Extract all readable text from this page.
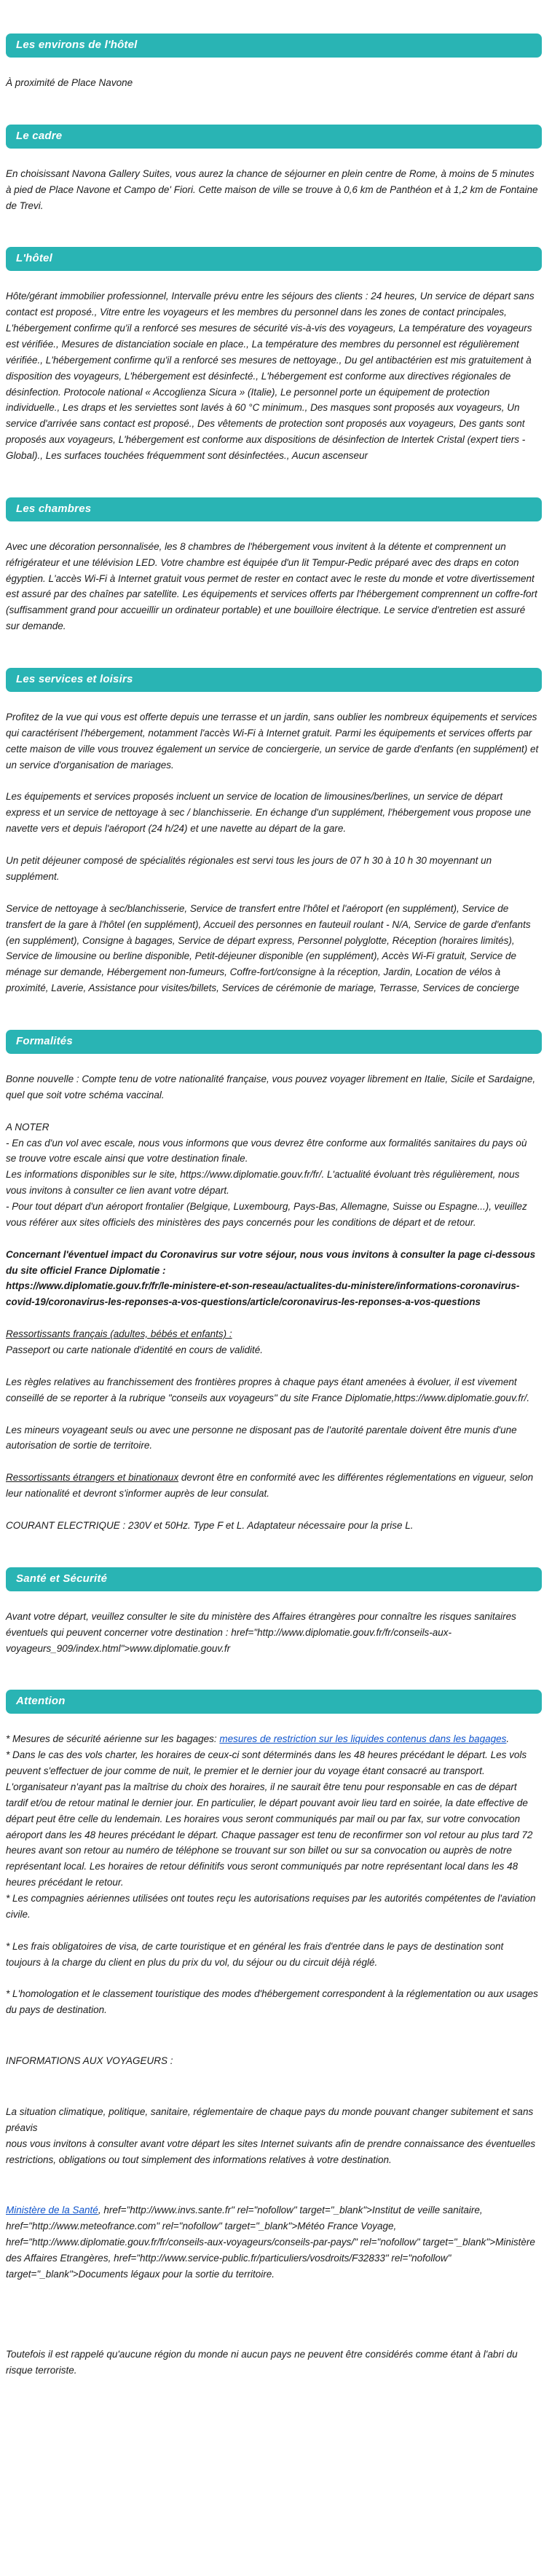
Les environs de l'hôtel

À proximité de Place Navone

Le cadre

En choisissant Navona Gallery Suites, vous aurez la chance de séjourner en plein centre de Rome, à moins de 5 minutes à pied de Place Navone et Campo de' Fiori. Cette maison de ville se trouve à 0,6 km de Panthéon et à 1,2 km de Fontaine de Trevi.

L'hôtel

Hôte/gérant immobilier professionnel, Intervalle prévu entre les séjours des clients : 24 heures, Un service de départ sans contact est proposé., Vitre entre les voyageurs et les membres du personnel dans les zones de contact principales, L'hébergement confirme qu'il a renforcé ses mesures de sécurité vis-à-vis des voyageurs, La température des voyageurs est vérifiée., Mesures de distanciation sociale en place., La température des membres du personnel est régulièrement vérifiée., L'hébergement confirme qu'il a renforcé ses mesures de nettoyage., Du gel antibactérien est mis gratuitement à disposition des voyageurs, L'hébergement est désinfecté., L'hébergement est conforme aux directives régionales de désinfection. Protocole national « Accoglienza Sicura » (Italie), Le personnel porte un équipement de protection individuelle., Les draps et les serviettes sont lavés à 60 °C minimum., Des masques sont proposés aux voyageurs, Un service d'arrivée sans contact est proposé., Des vêtements de protection sont proposés aux voyageurs, Des gants sont proposés aux voyageurs, L'hébergement est conforme aux dispositions de désinfection de Intertek Cristal (expert tiers - Global)., Les surfaces touchées fréquemment sont désinfectées., Aucun ascenseur

Les chambres

Avec une décoration personnalisée, les 8 chambres de l'hébergement vous invitent à la détente et comprennent un réfrigérateur et une télévision LED. Votre chambre est équipée d'un lit Tempur-Pedic préparé avec des draps en coton égyptien. L'accès Wi-Fi à Internet gratuit vous permet de rester en contact avec le reste du monde et votre divertissement est assuré par des chaînes par satellite. Les équipements et services offerts par l'hébergement comprennent un coffre-fort (suffisamment grand pour accueillir un ordinateur portable) et une bouilloire électrique. Le service d'entretien est assuré sur demande.

Les services et loisirs

Profitez de la vue qui vous est offerte depuis une terrasse et un jardin, sans oublier les nombreux équipements et services qui caractérisent l'hébergement, notamment l'accès Wi-Fi à Internet gratuit. Parmi les équipements et services offerts par cette maison de ville vous trouvez également un service de conciergerie, un service de garde d'enfants (en supplément) et un service d'organisation de mariages.

Les équipements et services proposés incluent un service de location de limousines/berlines, un service de départ express et un service de nettoyage à sec / blanchisserie. En échange d'un supplément, l'hébergement vous propose une navette vers et depuis l'aéroport (24 h/24) et une navette au départ de la gare.

Un petit déjeuner composé de spécialités régionales est servi tous les jours de 07 h 30 à 10 h 30 moyennant un supplément.

Service de nettoyage à sec/blanchisserie, Service de transfert entre l'hôtel et l'aéroport (en supplément), Service de transfert de la gare à l'hôtel (en supplément), Accueil des personnes en fauteuil roulant - N/A, Service de garde d'enfants (en supplément), Consigne à bagages, Service de départ express, Personnel polyglotte, Réception (horaires limités), Service de limousine ou berline disponible, Petit-déjeuner disponible (en supplément), Accès Wi-Fi gratuit, Service de ménage sur demande, Hébergement non-fumeurs, Coffre-fort/consigne à la réception, Jardin, Location de vélos à proximité, Laverie, Assistance pour visites/billets, Services de cérémonie de mariage, Terrasse, Services de concierge

Formalités

Bonne nouvelle : Compte tenu de votre nationalité française, vous pouvez voyager librement en Italie, Sicile et Sardaigne, quel que soit votre schéma vaccinal.

A NOTER

- En cas d'un vol avec escale, nous vous informons que vous devrez être conforme aux formalités sanitaires du pays où se trouve votre escale ainsi que votre destination finale.

Les informations disponibles sur le site, https://www.diplomatie.gouv.fr/fr/. L'actualité évoluant très régulièrement, nous vous invitons à consulter ce lien avant votre départ.

- Pour tout départ d'un aéroport frontalier (Belgique, Luxembourg, Pays-Bas, Allemagne, Suisse ou Espagne...), veuillez vous référer aux sites officiels des ministères des pays concernés pour les conditions de départ et de retour.

Concernant l'éventuel impact du Coronavirus sur votre séjour, nous vous invitons à consulter la page ci-dessous du site officiel France Diplomatie :

https://www.diplomatie.gouv.fr/fr/le-ministere-et-son-reseau/actualites-du-ministere/informations-coronavirus-covid-19/coronavirus-les-reponses-a-vos-questions/article/coronavirus-les-reponses-a-vos-questions

Ressortissants français (adultes, bébés et enfants) :

Passeport ou carte nationale d'identité en cours de validité.

Les règles relatives au franchissement des frontières propres à chaque pays étant amenées à évoluer, il est vivement conseillé de se reporter à la rubrique "conseils aux voyageurs" du site France Diplomatie,https://www.diplomatie.gouv.fr/.

Les mineurs voyageant seuls ou avec une personne ne disposant pas de l'autorité parentale doivent être munis d'une autorisation de sortie de territoire.

Ressortissants étrangers et binationaux devront être en conformité avec les différentes réglementations en vigueur, selon leur nationalité et devront s'informer auprès de leur consulat.

COURANT ELECTRIQUE : 230V et 50Hz. Type F et L. Adaptateur nécessaire pour la prise L.

Santé et Sécurité

Avant votre départ, veuillez consulter le site du ministère des Affaires étrangères pour connaître les risques sanitaires éventuels qui peuvent concerner votre destination : href="http://www.diplomatie.gouv.fr/fr/conseils-aux-voyageurs_909/index.html">www.diplomatie.gouv.fr

Attention

* Mesures de sécurité aérienne sur les bagages: mesures de restriction sur les liquides contenus dans les bagages.

* Dans le cas des vols charter, les horaires de ceux-ci sont déterminés dans les 48 heures précédant le départ. Les vols peuvent s'effectuer de jour comme de nuit, le premier et le dernier jour du voyage étant consacré au transport. L'organisateur n'ayant pas la maîtrise du choix des horaires, il ne saurait être tenu pour responsable en cas de départ tardif et/ou de retour matinal le dernier jour. En particulier, le départ pouvant avoir lieu tard en soirée, la date effective de départ peut être celle du lendemain. Les horaires vous seront communiqués par mail ou par fax, sur votre convocation aéroport dans les 48 heures précédant le départ. Chaque passager est tenu de reconfirmer son vol retour au plus tard 72 heures avant son retour au numéro de téléphone se trouvant sur son billet ou sur sa convocation ou auprès de notre représentant local. Les horaires de retour définitifs vous seront communiqués par notre représentant local dans les 48 heures précédant le retour.

* Les compagnies aériennes utilisées ont toutes reçu les autorisations requises par les autorités compétentes de l'aviation civile.

* Les frais obligatoires de visa, de carte touristique et en général les frais d'entrée dans le pays de destination sont toujours à la charge du client en plus du prix du vol, du séjour ou du circuit déjà réglé.

* L'homologation et le classement touristique des modes d'hébergement correspondent à la réglementation ou aux usages du pays de destination.

INFORMATIONS AUX VOYAGEURS :

La situation climatique, politique, sanitaire, réglementaire de chaque pays du monde pouvant changer subitement et sans préavis

nous vous invitons à consulter avant votre départ les sites Internet suivants afin de prendre connaissance des éventuelles restrictions, obligations ou tout simplement des informations relatives à votre destination.

Ministère de la Santé, href="http://www.invs.sante.fr" rel="nofollow" target="_blank">Institut de veille sanitaire, href="http://www.meteofrance.com" rel="nofollow" target="_blank">Météo France Voyage, href="http://www.diplomatie.gouv.fr/fr/conseils-aux-voyageurs/conseils-par-pays/" rel="nofollow" target="_blank">Ministère des Affaires Etrangères, href="http://www.service-public.fr/particuliers/vosdroits/F32833" rel="nofollow" target="_blank">Documents légaux pour la sortie du territoire.

Toutefois il est rappelé qu'aucune région du monde ni aucun pays ne peuvent être considérés comme étant à l'abri du risque terroriste.
